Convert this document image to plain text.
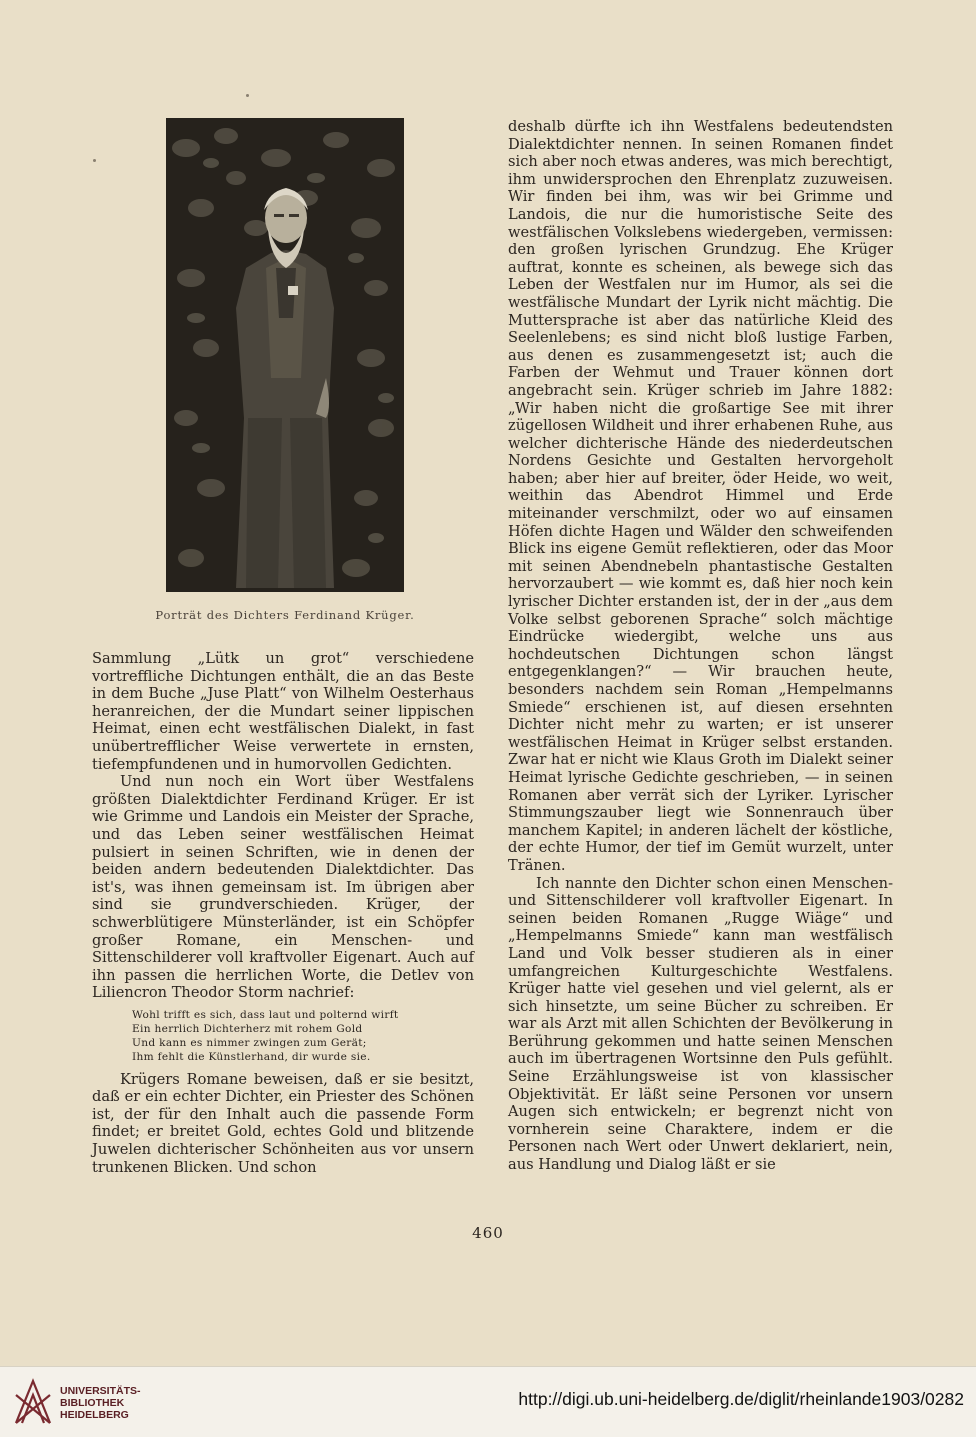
Porträt des Dichters Ferdinand Krüger.

Sammlung „Lütk un grot“ verschiedene vortreffliche Dichtungen enthält, die an das Beste in dem Buche „Juse Platt“ von Wilhelm Oesterhaus heranreichen, der die Mundart seiner lippischen Heimat, einen echt westfälischen Dialekt, in fast unübertrefflicher Weise verwertete in ernsten, tiefempfundenen und in humorvollen Gedichten.

Und nun noch ein Wort über Westfalens größten Dialektdichter Ferdinand Krüger. Er ist wie Grimme und Landois ein Meister der Sprache, und das Leben seiner westfälischen Heimat pulsiert in seinen Schriften, wie in denen der beiden andern bedeutenden Dialektdichter. Das ist's, was ihnen gemeinsam ist. Im übrigen aber sind sie grundverschieden. Krüger, der schwerblütigere Münsterländer, ist ein Schöpfer großer Romane, ein Menschen- und Sittenschilderer voll kraftvoller Eigenart. Auch auf ihn passen die herrlichen Worte, die Detlev von Liliencron Theodor Storm nachrief:

Wohl trifft es sich, dass laut und polternd wirft
Ein herrlich Dichterherz mit rohem Gold
Und kann es nimmer zwingen zum Gerät;
Ihm fehlt die Künstlerhand, dir wurde sie.

Krügers Romane beweisen, daß er sie besitzt, daß er ein echter Dichter, ein Priester des Schönen ist, der für den Inhalt auch die passende Form findet; er breitet Gold, echtes Gold und blitzende Juwelen dichterischer Schönheiten aus vor unsern trunkenen Blicken. Und schon

deshalb dürfte ich ihn Westfalens bedeutendsten Dialektdichter nennen. In seinen Romanen findet sich aber noch etwas anderes, was mich berechtigt, ihm unwidersprochen den Ehrenplatz zuzuweisen. Wir finden bei ihm, was wir bei Grimme und Landois, die nur die humoristische Seite des westfälischen Volkslebens wiedergeben, vermissen: den großen lyrischen Grundzug. Ehe Krüger auftrat, konnte es scheinen, als bewege sich das Leben der Westfalen nur im Humor, als sei die westfälische Mundart der Lyrik nicht mächtig. Die Muttersprache ist aber das natürliche Kleid des Seelenlebens; es sind nicht bloß lustige Farben, aus denen es zusammengesetzt ist; auch die Farben der Wehmut und Trauer können dort angebracht sein. Krüger schrieb im Jahre 1882: „Wir haben nicht die großartige See mit ihrer zügellosen Wildheit und ihrer erhabenen Ruhe, aus welcher dichterische Hände des niederdeutschen Nordens Gesichte und Gestalten hervorgeholt haben; aber hier auf breiter, öder Heide, wo weit, weithin das Abendrot Himmel und Erde miteinander verschmilzt, oder wo auf einsamen Höfen dichte Hagen und Wälder den schweifenden Blick ins eigene Gemüt reflektieren, oder das Moor mit seinen Abendnebeln phantastische Gestalten hervorzaubert — wie kommt es, daß hier noch kein lyrischer Dichter erstanden ist, der in der „aus dem Volke selbst geborenen Sprache“ solch mächtige Eindrücke wiedergibt, welche uns aus hochdeutschen Dichtungen schon längst entgegenklangen?“ — Wir brauchen heute, besonders nachdem sein Roman „Hempelmanns Smiede“ erschienen ist, auf diesen ersehnten Dichter nicht mehr zu warten; er ist unserer westfälischen Heimat in Krüger selbst erstanden. Zwar hat er nicht wie Klaus Groth im Dialekt seiner Heimat lyrische Gedichte geschrieben, — in seinen Romanen aber verrät sich der Lyriker. Lyrischer Stimmungszauber liegt wie Sonnenrauch über manchem Kapitel; in anderen lächelt der köstliche, der echte Humor, der tief im Gemüt wurzelt, unter Tränen.

Ich nannte den Dichter schon einen Menschen- und Sittenschilderer voll kraftvoller Eigenart. In seinen beiden Romanen „Rugge Wiäge“ und „Hempelmanns Smiede“ kann man westfälisch Land und Volk besser studieren als in einer umfangreichen Kulturgeschichte Westfalens. Krüger hatte viel gesehen und viel gelernt, als er sich hinsetzte, um seine Bücher zu schreiben. Er war als Arzt mit allen Schichten der Bevölkerung in Berührung gekommen und hatte seinen Menschen auch im übertragenen Wortsinne den Puls gefühlt. Seine Erzählungsweise ist von klassischer Objektivität. Er läßt seine Personen vor unsern Augen sich entwickeln; er begrenzt nicht von vornherein seine Charaktere, indem er die Personen nach Wert oder Unwert deklariert, nein, aus Handlung und Dialog läßt er sie

460
UNIVERSITÄTS-
BIBLIOTHEK
HEIDELBERG
http://digi.ub.uni-heidelberg.de/diglit/rheinlande1903/0282
